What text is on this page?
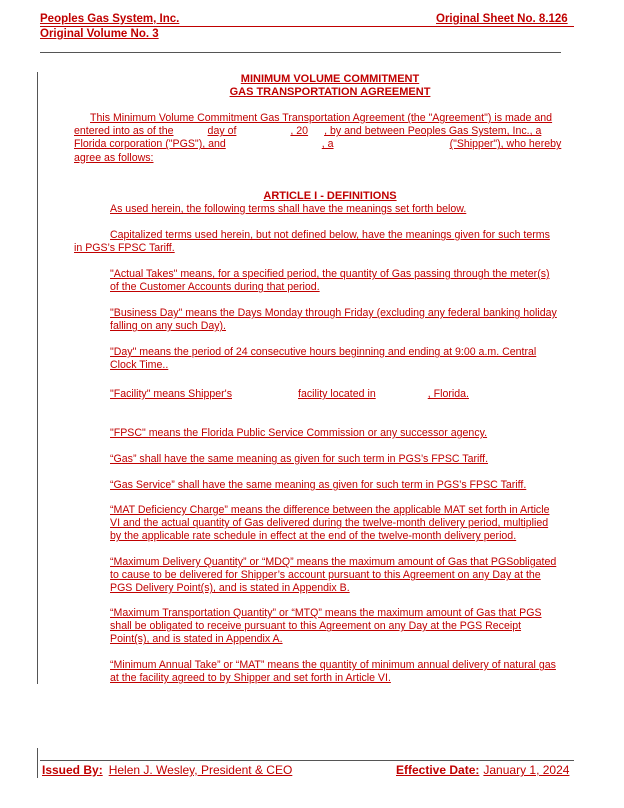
Peoples Gas System, Inc.	Original Sheet No. 8.126
Original Volume No. 3
MINIMUM VOLUME COMMITMENT
GAS TRANSPORTATION AGREEMENT
This Minimum Volume Commitment Gas Transportation Agreement (the "Agreement") is made and
entered into as of the	day of	, 20 , by and between Peoples Gas System, Inc., a
Florida corporation ("PGS"), and	, a	("Shipper"), who hereby
agree as follows:
ARTICLE I - DEFINITIONS
As used herein, the following terms shall have the meanings set forth below.
Capitalized terms used herein, but not defined below, have the meanings given for such terms
in PGS’s FPSC Tariff.
"Actual Takes" means, for a specified period, the quantity of Gas passing through the meter(s)
of the Customer Accounts during that period.
"Business Day" means the Days Monday through Friday (excluding any federal banking holiday
falling on any such Day).
"Day" means the period of 24 consecutive hours beginning and ending at 9:00 a.m. Central
Clock Time..
"Facility" means Shipper's	facility located in	, Florida.
"FPSC" means the Florida Public Service Commission or any successor agency.
“Gas” shall have the same meaning as given for such term in PGS’s FPSC Tariff.
“Gas Service” shall have the same meaning as given for such term in PGS’s FPSC Tariff.
“MAT Deficiency Charge” means the difference between the applicable MAT set forth in Article
VI and the actual quantity of Gas delivered during the twelve-month delivery period, multiplied
by the applicable rate schedule in effect at the end of the twelve-month delivery period.
“Maximum Delivery Quantity” or “MDQ” means the maximum amount of Gas that PGSobligated
to cause to be delivered for Shipper’s account pursuant to this Agreement on any Day at the
PGS Delivery Point(s), and is stated in Appendix B.
“Maximum Transportation Quantity” or “MTQ” means the maximum amount of Gas that PGS
shall be obligated to receive pursuant to this Agreement on any Day at the PGS Receipt
Point(s), and is stated in Appendix A.
“Minimum Annual Take” or “MAT” means the quantity of minimum annual delivery of natural gas
at the facility agreed to by Shipper and set forth in Article VI.
Issued By: Helen J. Wesley, President & CEO	Effective Date: January 1, 2024
